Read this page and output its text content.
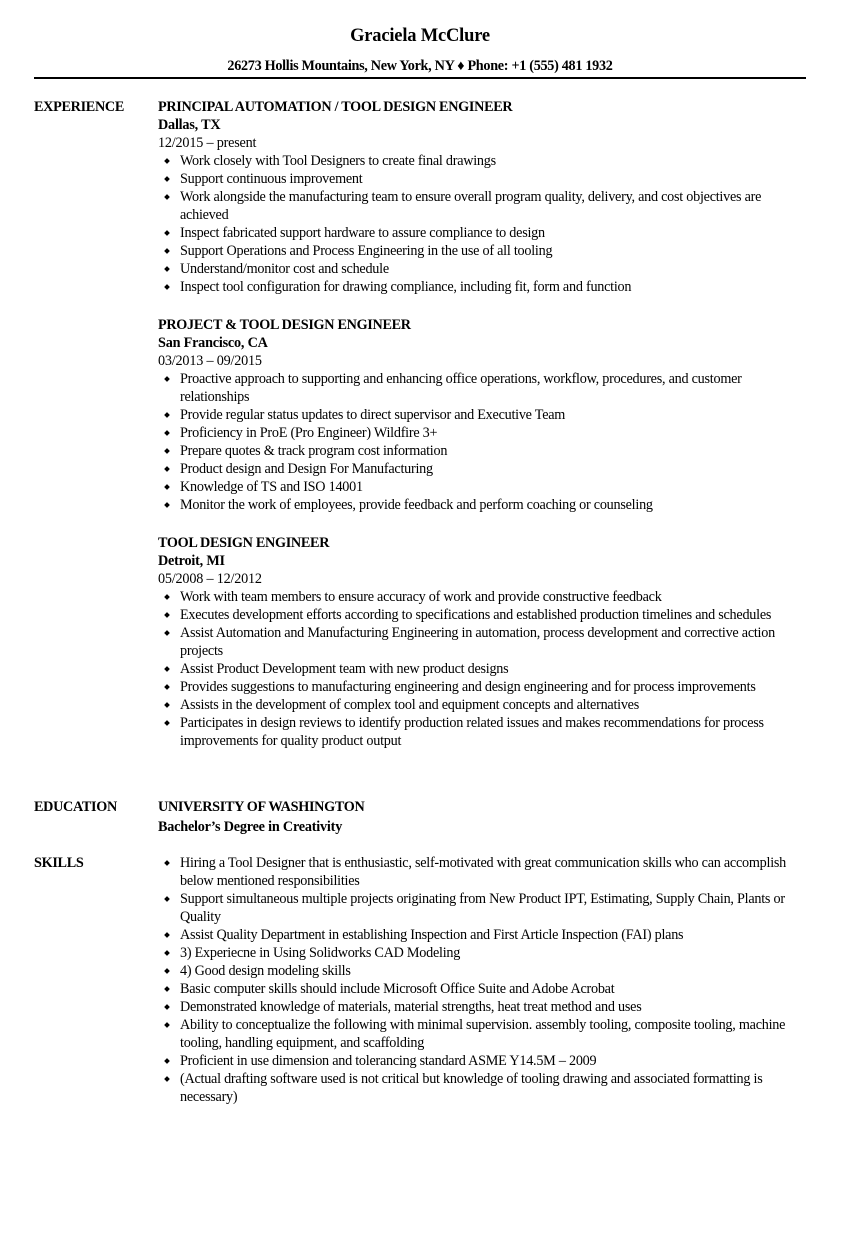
Graciela McClure
26273 Hollis Mountains, New York, NY ♦ Phone: +1 (555) 481 1932
EXPERIENCE	PRINCIPAL AUTOMATION / TOOL DESIGN ENGINEER
Dallas, TX
12/2015 – present
Work closely with Tool Designers to create final drawings
Support continuous improvement
Work alongside the manufacturing team to ensure overall program quality, delivery, and cost objectives are achieved
Inspect fabricated support hardware to assure compliance to design
Support Operations and Process Engineering in the use of all tooling
Understand/monitor cost and schedule
Inspect tool configuration for drawing compliance, including fit, form and function
PROJECT & TOOL DESIGN ENGINEER
San Francisco, CA
03/2013 – 09/2015
Proactive approach to supporting and enhancing office operations, workflow, procedures, and customer relationships
Provide regular status updates to direct supervisor and Executive Team
Proficiency in ProE (Pro Engineer) Wildfire 3+
Prepare quotes & track program cost information
Product design and Design For Manufacturing
Knowledge of TS and ISO 14001
Monitor the work of employees, provide feedback and perform coaching or counseling
TOOL DESIGN ENGINEER
Detroit, MI
05/2008 – 12/2012
Work with team members to ensure accuracy of work and provide constructive feedback
Executes development efforts according to specifications and established production timelines and schedules
Assist Automation and Manufacturing Engineering in automation, process development and corrective action projects
Assist Product Development team with new product designs
Provides suggestions to manufacturing engineering and design engineering and for process improvements
Assists in the development of complex tool and equipment concepts and alternatives
Participates in design reviews to identify production related issues and makes recommendations for process improvements for quality product output
EDUCATION	UNIVERSITY OF WASHINGTON
Bachelor’s Degree in Creativity
SKILLS	Hiring a Tool Designer that is enthusiastic, self-motivated with great communication skills who can accomplish below mentioned responsibilities
Support simultaneous multiple projects originating from New Product IPT, Estimating, Supply Chain, Plants or Quality
Assist Quality Department in establishing Inspection and First Article Inspection (FAI) plans
3) Experiecne in Using Solidworks CAD Modeling
4) Good design modeling skills
Basic computer skills should include Microsoft Office Suite and Adobe Acrobat
Demonstrated knowledge of materials, material strengths, heat treat method and uses
Ability to conceptualize the following with minimal supervision. assembly tooling, composite tooling, machine tooling, handling equipment, and scaffolding
Proficient in use dimension and tolerancing standard ASME Y14.5M – 2009
(Actual drafting software used is not critical but knowledge of tooling drawing and associated formatting is necessary)
